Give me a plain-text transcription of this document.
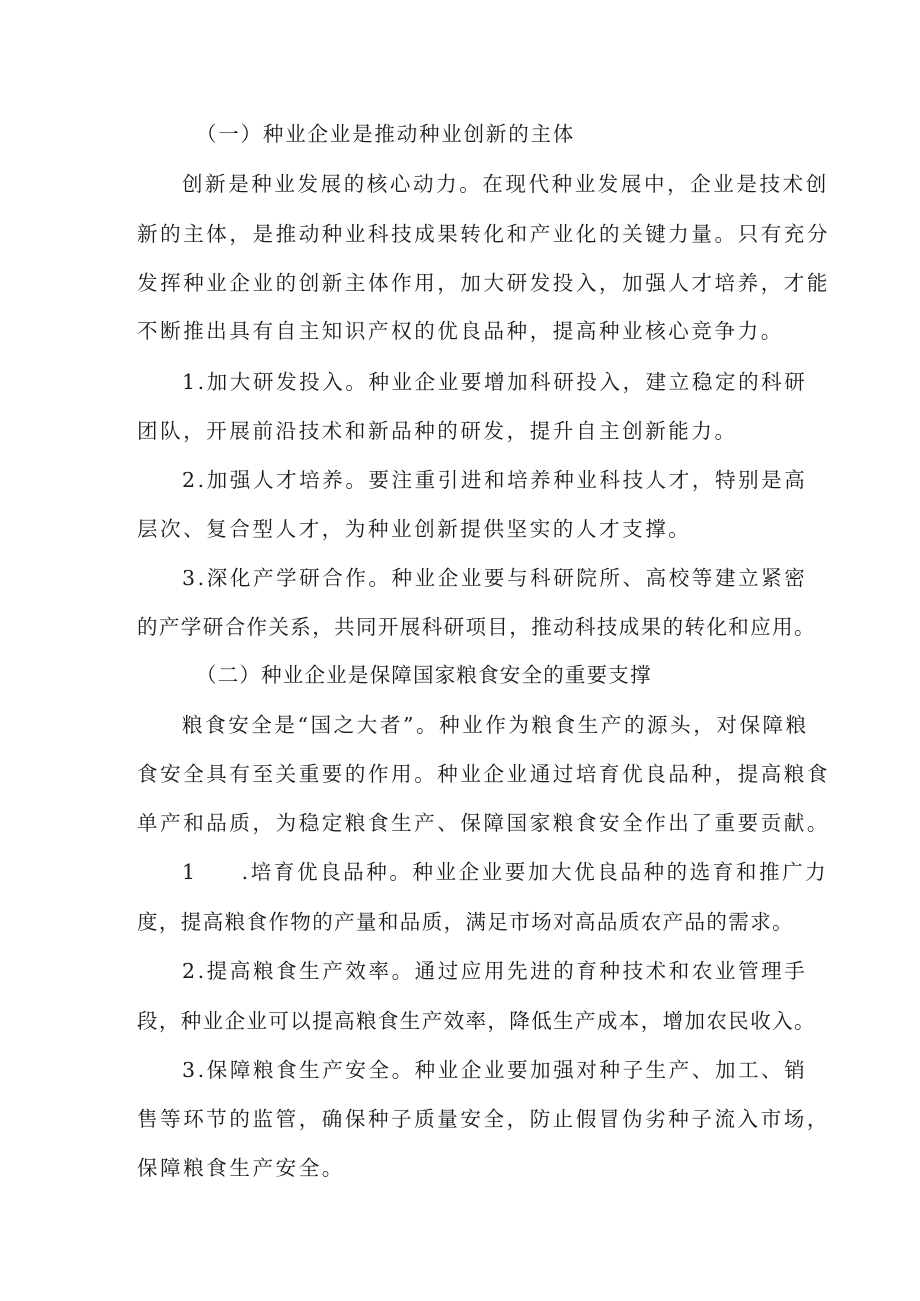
（一）种业企业是推动种业创新的主体
创新是种业发展的核心动力。在现代种业发展中，企业是技术创
新的主体，是推动种业科技成果转化和产业化的关键力量。只有充分
发挥种业企业的创新主体作用，加大研发投入，加强人才培养，才能
不断推出具有自主知识产权的优良品种，提高种业核心竞争力。
1.加大研发投入。种业企业要增加科研投入，建立稳定的科研
团队，开展前沿技术和新品种的研发，提升自主创新能力。
2.加强人才培养。要注重引进和培养种业科技人才，特别是高
层次、复合型人才，为种业创新提供坚实的人才支撑。
3.深化产学研合作。种业企业要与科研院所、高校等建立紧密
的产学研合作关系，共同开展科研项目，推动科技成果的转化和应用。
（二）种业企业是保障国家粮食安全的重要支撑
粮食安全是“国之大者”。种业作为粮食生产的源头，对保障粮
食安全具有至关重要的作用。种业企业通过培育优良品种，提高粮食
单产和品质，为稳定粮食生产、保障国家粮食安全作出了重要贡献。
1 .培育优良品种。种业企业要加大优良品种的选育和推广力
度，提高粮食作物的产量和品质，满足市场对高品质农产品的需求。
2.提高粮食生产效率。通过应用先进的育种技术和农业管理手
段，种业企业可以提高粮食生产效率，降低生产成本，增加农民收入。
3.保障粮食生产安全。种业企业要加强对种子生产、加工、销
售等环节的监管，确保种子质量安全，防止假冒伪劣种子流入市场，
保障粮食生产安全。
